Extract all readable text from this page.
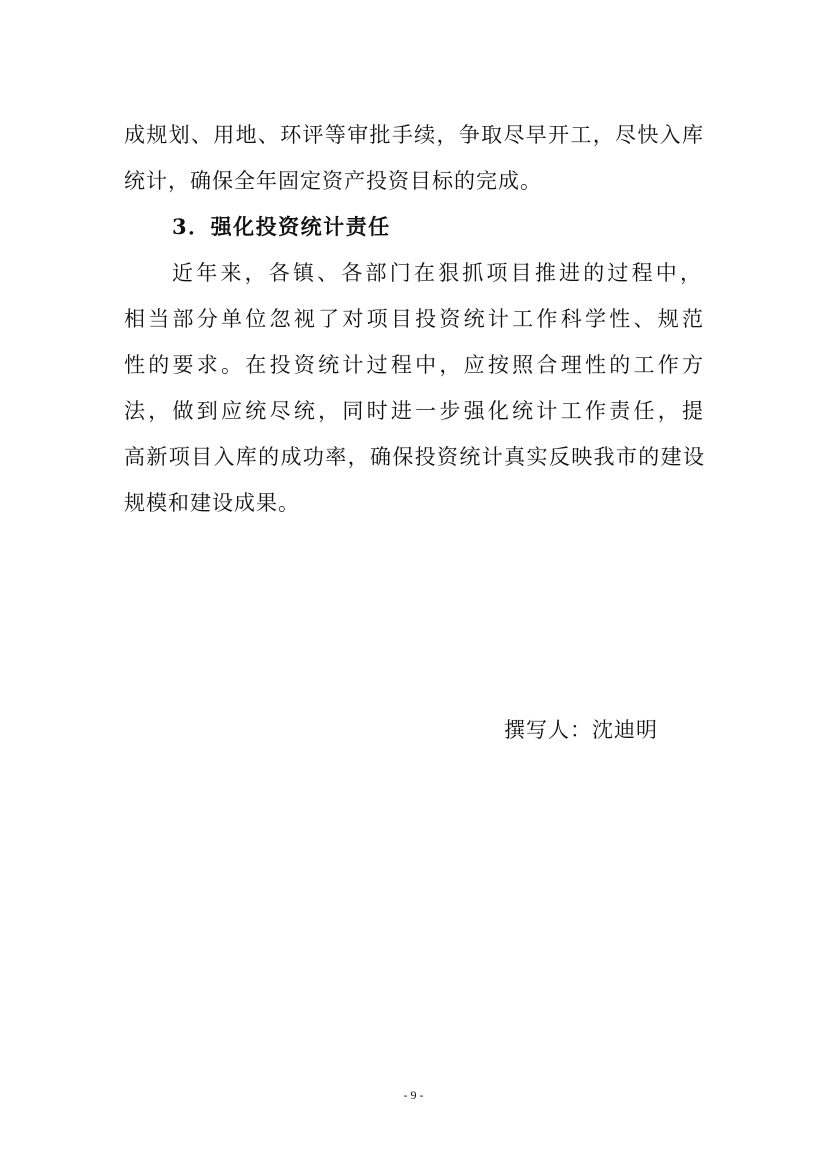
成规划、用地、环评等审批手续，争取尽早开工，尽快入库
统计，确保全年固定资产投资目标的完成。
3．强化投资统计责任
近年来，各镇、各部门在狠抓项目推进的过程中，
相当部分单位忽视了对项目投资统计工作科学性、规范
性的要求。在投资统计过程中，应按照合理性的工作方
法，做到应统尽统，同时进一步强化统计工作责任，提
高新项目入库的成功率，确保投资统计真实反映我市的建设
规模和建设成果。
撰写人：沈迪明
- 9 -
